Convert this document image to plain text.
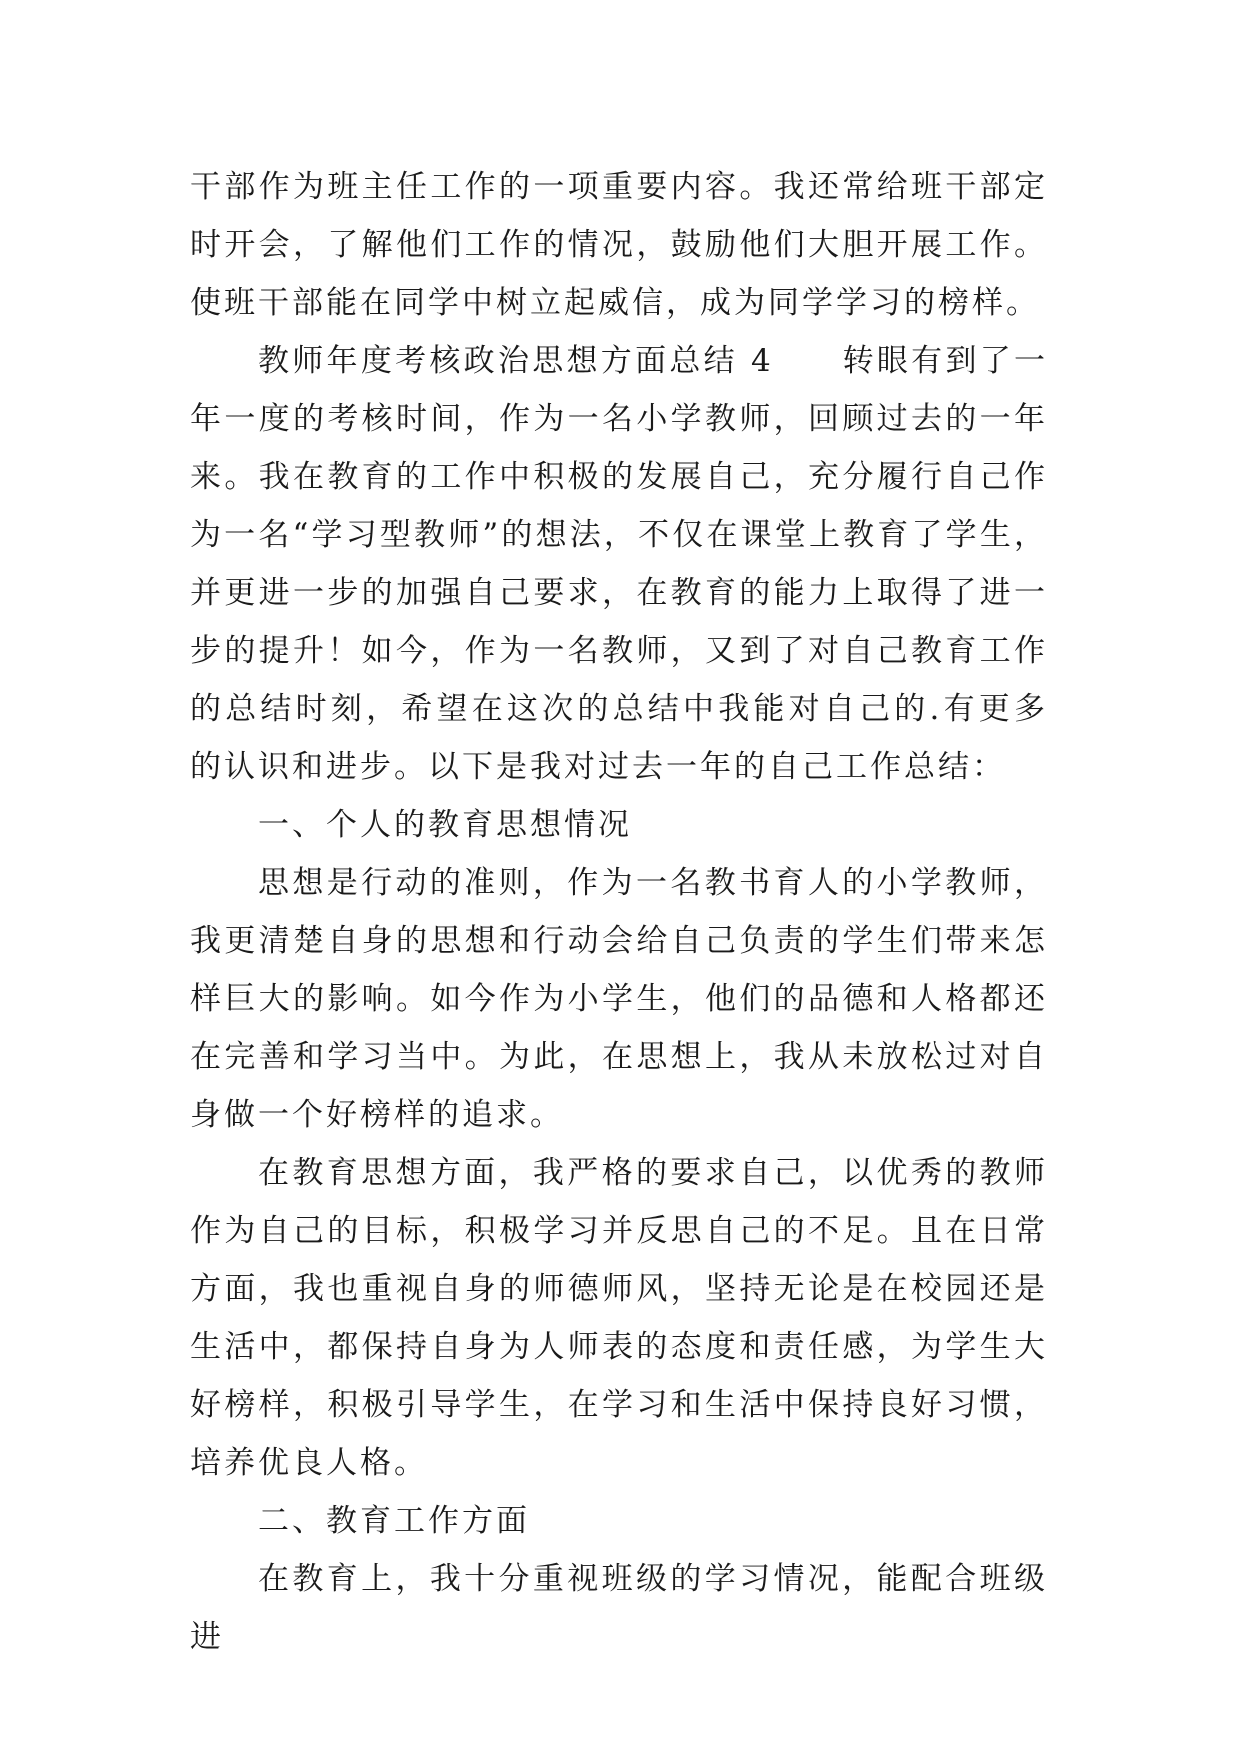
干部作为班主任工作的一项重要内容。我还常给班干部定时开会，了解他们工作的情况，鼓励他们大胆开展工作。使班干部能在同学中树立起威信，成为同学学习的榜样。

教师年度考核政治思想方面总结 4　　转眼有到了一年一度的考核时间，作为一名小学教师，回顾过去的一年来。我在教育的工作中积极的发展自己，充分履行自己作为一名“学习型教师”的想法，不仅在课堂上教育了学生，并更进一步的加强自己要求，在教育的能力上取得了进一步的提升！如今，作为一名教师，又到了对自己教育工作的总结时刻，希望在这次的总结中我能对自己的.有更多的认识和进步。以下是我对过去一年的自己工作总结：

一、个人的教育思想情况

思想是行动的准则，作为一名教书育人的小学教师，我更清楚自身的思想和行动会给自己负责的学生们带来怎样巨大的影响。如今作为小学生，他们的品德和人格都还在完善和学习当中。为此，在思想上，我从未放松过对自身做一个好榜样的追求。

在教育思想方面，我严格的要求自己，以优秀的教师作为自己的目标，积极学习并反思自己的不足。且在日常方面，我也重视自身的师德师风，坚持无论是在校园还是生活中，都保持自身为人师表的态度和责任感，为学生大好榜样，积极引导学生，在学习和生活中保持良好习惯，培养优良人格。

二、教育工作方面

在教育上，我十分重视班级的学习情况，能配合班级进
